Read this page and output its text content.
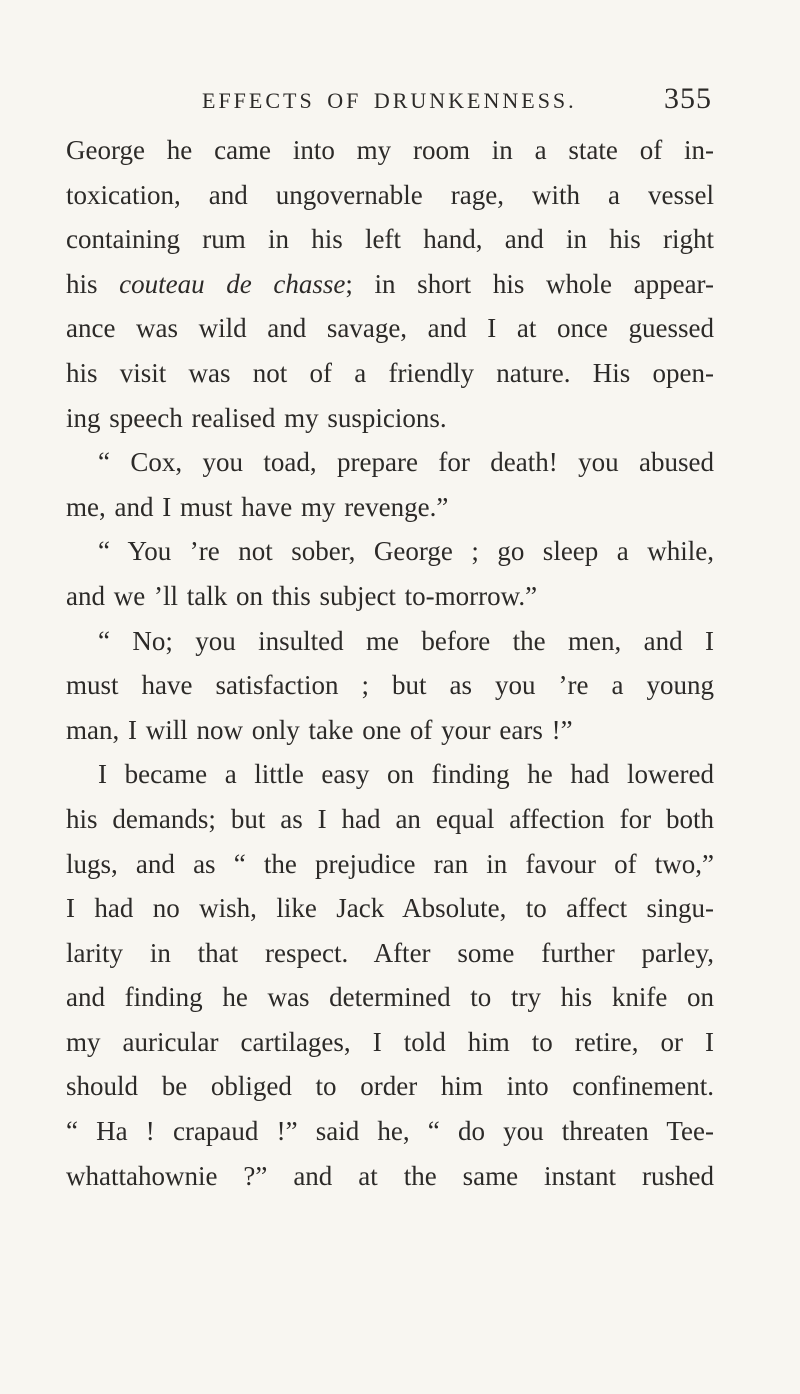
EFFECTS OF DRUNKENNESS.	355
George he came into my room in a state of in-
toxication, and ungovernable rage, with a vessel
containing rum in his left hand, and in his right
his couteau de chasse; in short his whole appear-
ance was wild and savage, and I at once guessed
his visit was not of a friendly nature. His open-
ing speech realised my suspicions.
“ Cox, you toad, prepare for death! you abused
me, and I must have my revenge.”
“ You ’re not sober, George ; go sleep a while,
and we ’ll talk on this subject to-morrow.”
“ No; you insulted me before the men, and I
must have satisfaction ; but as you ’re a young
man, I will now only take one of your ears !”
I became a little easy on finding he had lowered
his demands; but as I had an equal affection for both
lugs, and as “ the prejudice ran in favour of two,”
I had no wish, like Jack Absolute, to affect singu-
larity in that respect. After some further parley,
and finding he was determined to try his knife on
my auricular cartilages, I told him to retire, or I
should be obliged to order him into confinement.
“ Ha ! crapaud !” said he, “ do you threaten Tee-
whattahownie ?” and at the same instant rushed
